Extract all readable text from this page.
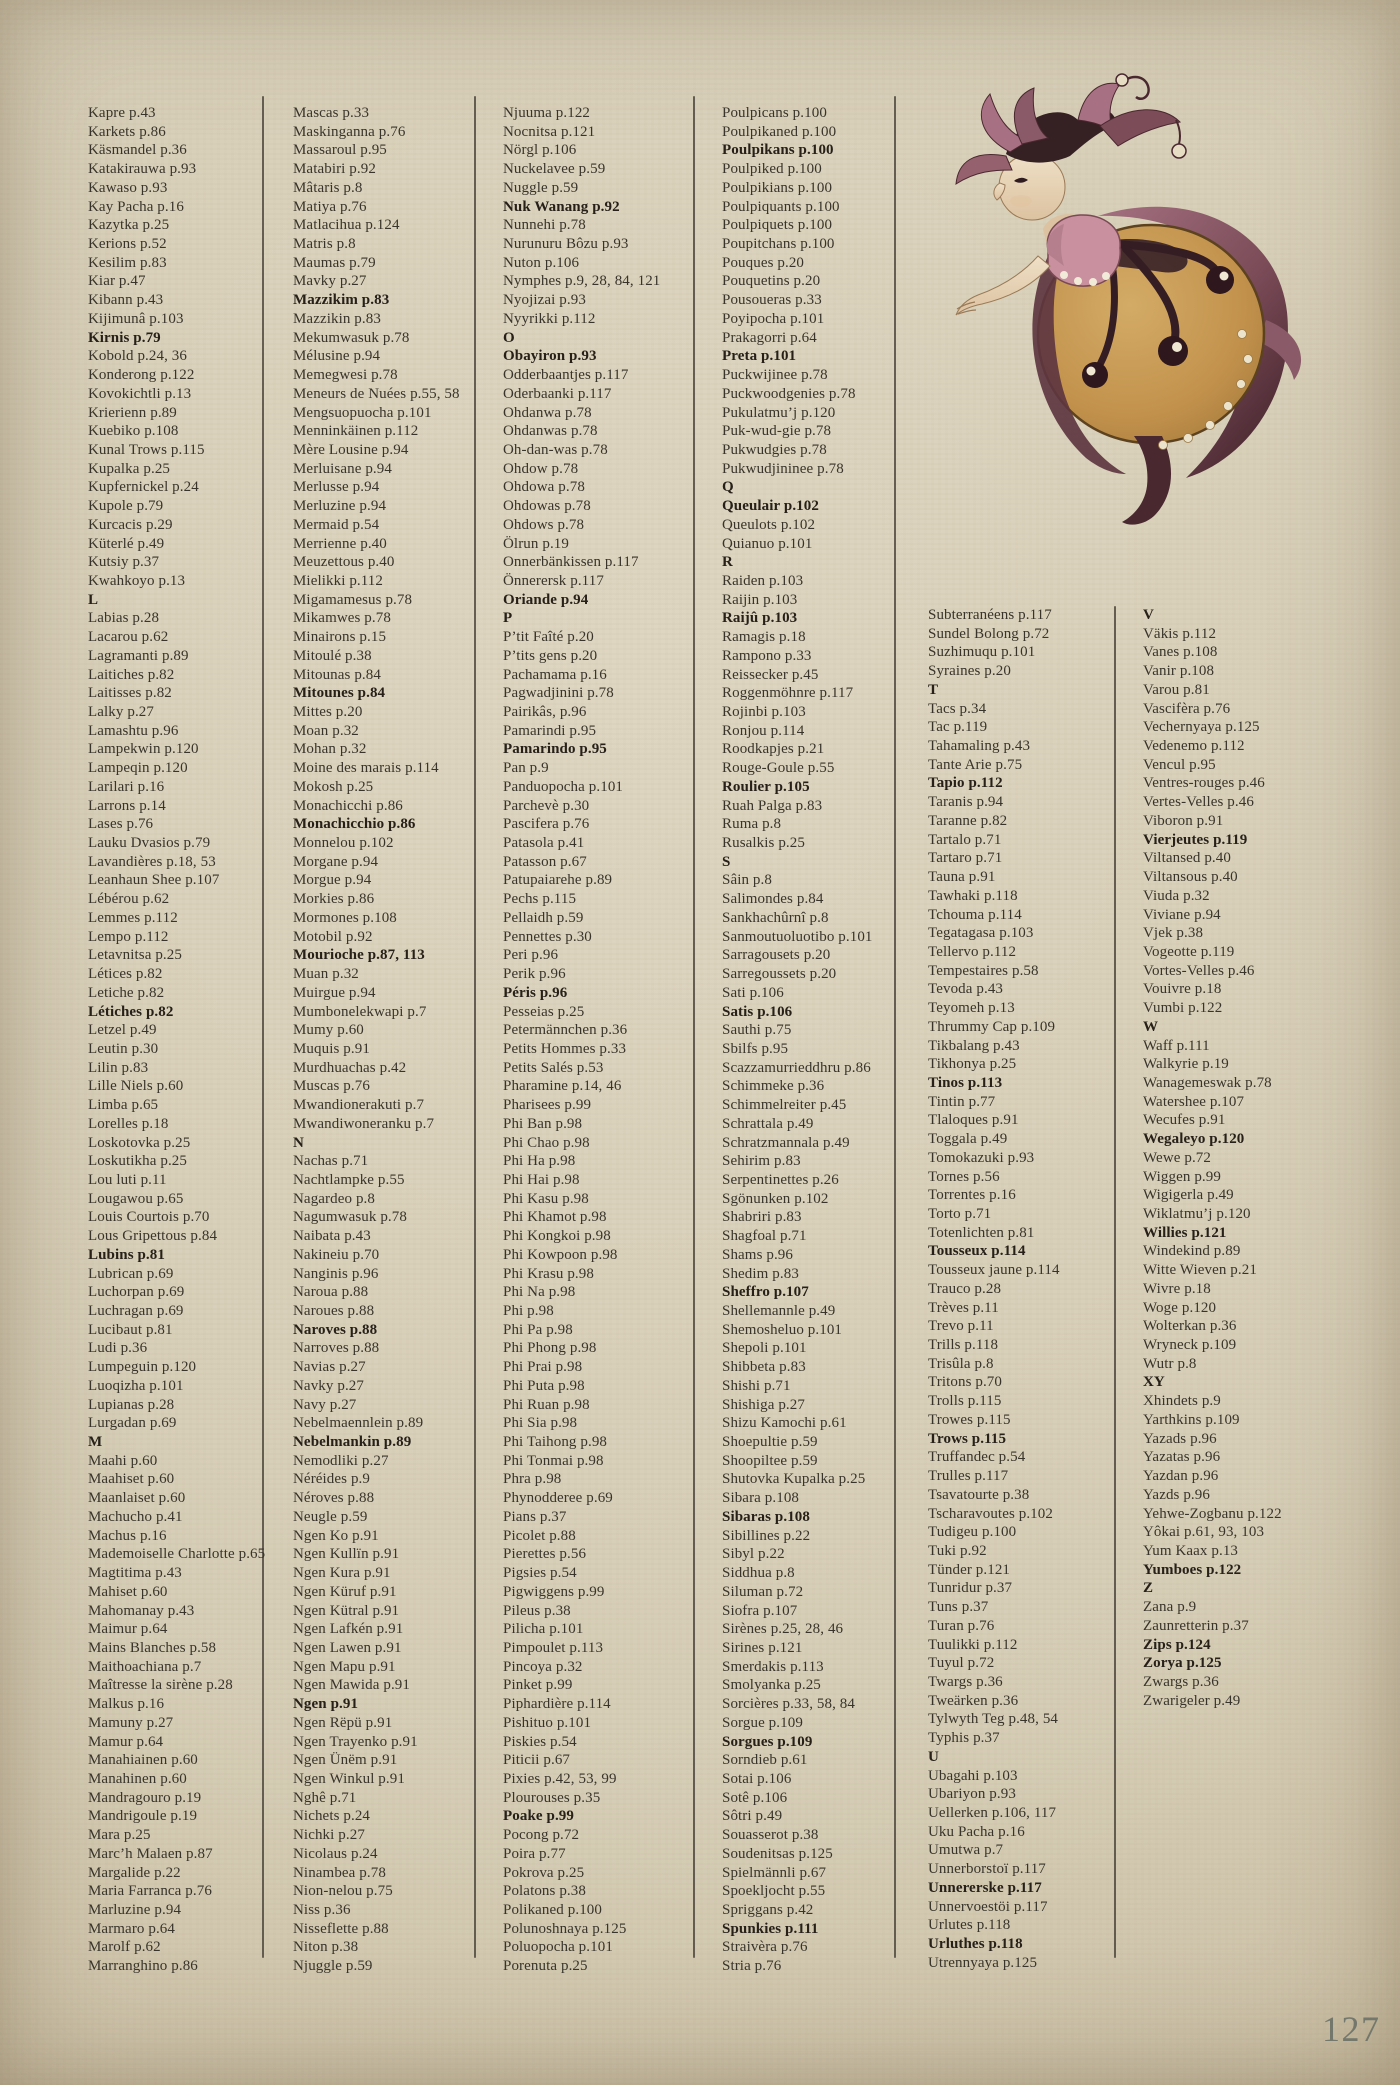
Kapre p.43
Karkets p.86
Käsmandel p.36
Katakirauwa p.93
Kawaso p.93
Kay Pacha p.16
Kazytka p.25
Kerions p.52
Kesilim p.83
Kiar p.47
Kibann p.43
Kijimunâ p.103
Kirnis p.79
Kobold p.24, 36
Konderong p.122
Kovokichtli p.13
Krierienn p.89
Kuebiko p.108
Kunal Trows p.115
Kupalka p.25
Kupfernickel p.24
Kupole p.79
Kurcacis p.29
Küterlé p.49
Kutsiy p.37
Kwahkoyo p.13
L
Labias p.28
Lacarou p.62
Lagramanti p.89
Laitiches p.82
Laitisses p.82
Lalky p.27
Lamashtu p.96
Lampekwin p.120
Lampeqin p.120
Larilari p.16
Larrons p.14
Lases p.76
Lauku Dvasios p.79
Lavandières p.18, 53
Leanhaun Shee p.107
Lébérou p.62
Lemmes p.112
Lempo p.112
Letavnitsa p.25
Létices p.82
Letiche p.82
Létiches p.82
Letzel p.49
Leutin p.30
Lilin p.83
Lille Niels p.60
Limba p.65
Lorelles p.18
Loskotovka p.25
Loskutikha p.25
Lou luti p.11
Lougawou p.65
Louis Courtois p.70
Lous Gripettous p.84
Lubins p.81
Lubrican p.69
Luchorpan p.69
Luchragan p.69
Lucibaut p.81
Ludi p.36
Lumpeguin p.120
Luoqizha p.101
Lupianas p.28
Lurgadan p.69
M
Maahi p.60
Maahiset p.60
Maanlaiset p.60
Machucho p.41
Machus p.16
Mademoiselle Charlotte p.65
Magtitima p.43
Mahiset p.60
Mahomanay p.43
Maimur p.64
Mains Blanches p.58
Maithoachiana p.7
Maîtresse la sirène p.28
Malkus p.16
Mamuny p.27
Mamur p.64
Manahiainen p.60
Manahinen p.60
Mandragouro p.19
Mandrigoule p.19
Mara p.25
Marc’h Malaen p.87
Margalide p.22
Maria Farranca p.76
Marluzine p.94
Marmaro p.64
Marolf p.62
Marranghino p.86
Mascas p.33
Maskinganna p.76
Massaroul p.95
Matabiri p.92
Mâtaris p.8
Matiya p.76
Matlacihua p.124
Matris p.8
Maumas p.79
Mavky p.27
Mazzikim p.83
Mazzikin p.83
Mekumwasuk p.78
Mélusine p.94
Memegwesi p.78
Meneurs de Nuées p.55, 58
Mengsuopuocha p.101
Menninkäinen p.112
Mère Lousine p.94
Merluisane p.94
Merlusse p.94
Merluzine p.94
Mermaid p.54
Merrienne p.40
Meuzettous p.40
Mielikki p.112
Migamamesus p.78
Mikamwes p.78
Minairons p.15
Mitoulé p.38
Mitounas p.84
Mitounes p.84
Mittes p.20
Moan p.32
Mohan p.32
Moine des marais p.114
Mokosh p.25
Monachicchi p.86
Monachicchio p.86
Monnelou p.102
Morgane p.94
Morgue p.94
Morkies p.86
Mormones p.108
Motobil p.92
Mourioche p.87, 113
Muan p.32
Muirgue p.94
Mumbonelekwapi p.7
Mumy p.60
Muquis p.91
Murdhuachas p.42
Muscas p.76
Mwandionerakuti p.7
Mwandiwoneranku p.7
N
Nachas p.71
Nachtlampke p.55
Nagardeo p.8
Nagumwasuk p.78
Naibata p.43
Nakineiu p.70
Nanginis p.96
Naroua p.88
Naroues p.88
Naroves p.88
Narroves p.88
Navias p.27
Navky p.27
Navy p.27
Nebelmaennlein p.89
Nebelmankin p.89
Nemodliki p.27
Néréides p.9
Néroves p.88
Neugle p.59
Ngen Ko p.91
Ngen Kullïn p.91
Ngen Kura p.91
Ngen Küruf p.91
Ngen Kütral p.91
Ngen Lafkén p.91
Ngen Lawen p.91
Ngen Mapu p.91
Ngen Mawida p.91
Ngen p.91
Ngen Rëpü p.91
Ngen Trayenko p.91
Ngen Ünëm p.91
Ngen Winkul p.91
Nghê p.71
Nichets p.24
Nichki p.27
Nicolaus p.24
Ninambea p.78
Nion-nelou p.75
Niss p.36
Nisseflette p.88
Niton p.38
Njuggle p.59
Njuuma p.122
Nocnitsa p.121
Nörgl p.106
Nuckelavee p.59
Nuggle p.59
Nuk Wanang p.92
Nunnehi p.78
Nurunuru Bôzu p.93
Nuton p.106
Nymphes p.9, 28, 84, 121
Nyojizai p.93
Nyyrikki p.112
O
Obayiron p.93
Odderbaantjes p.117
Oderbaanki p.117
Ohdanwa p.78
Ohdanwas p.78
Oh-dan-was p.78
Ohdow p.78
Ohdowa p.78
Ohdowas p.78
Ohdows p.78
Ölrun p.19
Onnerbänkissen p.117
Önnerersk p.117
Oriande p.94
P
P’tit Faîté p.20
P’tits gens p.20
Pachamama p.16
Pagwadjinini p.78
Pairikâs, p.96
Pamarindi p.95
Pamarindo p.95
Pan p.9
Panduopocha p.101
Parchevè p.30
Pascifera p.76
Patasola p.41
Patasson p.67
Patupaiarehe p.89
Pechs p.115
Pellaidh p.59
Pennettes p.30
Peri p.96
Perik p.96
Péris p.96
Pesseias p.25
Petermännchen p.36
Petits Hommes p.33
Petits Salés p.53
Pharamine p.14, 46
Pharisees p.99
Phi Ban p.98
Phi Chao p.98
Phi Ha p.98
Phi Hai p.98
Phi Kasu p.98
Phi Khamot p.98
Phi Kongkoi p.98
Phi Kowpoon p.98
Phi Krasu p.98
Phi Na p.98
Phi p.98
Phi Pa p.98
Phi Phong p.98
Phi Prai p.98
Phi Puta p.98
Phi Ruan p.98
Phi Sia p.98
Phi Taihong p.98
Phi Tonmai p.98
Phra p.98
Phynodderee p.69
Pians p.37
Picolet p.88
Pierettes p.56
Pigsies p.54
Pigwiggens p.99
Pileus p.38
Pilicha p.101
Pimpoulet p.113
Pincoya p.32
Pinket p.99
Piphardière p.114
Pishituo p.101
Piskies p.54
Piticii p.67
Pixies p.42, 53, 99
Plourouses p.35
Poake p.99
Pocong p.72
Poira p.77
Pokrova p.25
Polatons p.38
Polikaned p.100
Polunoshnaya p.125
Poluopocha p.101
Porenuta p.25
Poulpicans p.100
Poulpikaned p.100
Poulpikans p.100
Poulpiked p.100
Poulpikians p.100
Poulpiquants p.100
Poulpiquets p.100
Poupitchans p.100
Pouques p.20
Pouquetins p.20
Pousoueras p.33
Poyipocha p.101
Prakagorri p.64
Preta p.101
Puckwijinee p.78
Puckwoodgenies p.78
Pukulatmu’j p.120
Puk-wud-gie p.78
Pukwudgies p.78
Pukwudjininee p.78
Q
Queulair p.102
Queulots p.102
Quianuo p.101
R
Raiden p.103
Raijin p.103
Raijû p.103
Ramagis p.18
Rampono p.33
Reissecker p.45
Roggenmöhnre p.117
Rojinbi p.103
Ronjou p.114
Roodkapjes p.21
Rouge-Goule p.55
Roulier p.105
Ruah Palga p.83
Ruma p.8
Rusalkis p.25
S
Sâin p.8
Salimondes p.84
Sankhachûrnî p.8
Sanmoutuoluotibo p.101
Sarragousets p.20
Sarregoussets p.20
Sati p.106
Satis p.106
Sauthi p.75
Sbilfs p.95
Scazzamurrieddhru p.86
Schimmeke p.36
Schimmelreiter p.45
Schrattala p.49
Schratzmannala p.49
Sehirim p.83
Serpentinettes p.26
Sgönunken p.102
Shabriri p.83
Shagfoal p.71
Shams p.96
Shedim p.83
Sheffro p.107
Shellemannle p.49
Shemosheluo p.101
Shepoli p.101
Shibbeta p.83
Shishi p.71
Shishiga p.27
Shizu Kamochi p.61
Shoepultie p.59
Shoopiltee p.59
Shutovka Kupalka p.25
Sibara p.108
Sibaras p.108
Sibillines p.22
Sibyl p.22
Siddhua p.8
Siluman p.72
Siofra p.107
Sirènes p.25, 28, 46
Sirines p.121
Smerdakis p.113
Smolyanka p.25
Sorcières p.33, 58, 84
Sorgue p.109
Sorgues p.109
Sorndieb p.61
Sotai p.106
Sotê p.106
Sôtri p.49
Souasserot p.38
Soudenitsas p.125
Spielmännli p.67
Spoekljocht p.55
Spriggans p.42
Spunkies p.111
Straivèra p.76
Stria p.76
Subterranéens p.117
Sundel Bolong p.72
Suzhimuqu p.101
Syraines p.20
T
Tacs p.34
Tac p.119
Tahamaling p.43
Tante Arie p.75
Tapio p.112
Taranis p.94
Taranne p.82
Tartalo p.71
Tartaro p.71
Tauna p.91
Tawhaki p.118
Tchouma p.114
Tegatagasa p.103
Tellervo p.112
Tempestaires p.58
Tevoda p.43
Teyomeh p.13
Thrummy Cap p.109
Tikbalang p.43
Tikhonya p.25
Tinos p.113
Tintin p.77
Tlaloques p.91
Toggala p.49
Tomokazuki p.93
Tornes p.56
Torrentes p.16
Torto p.71
Totenlichten p.81
Tousseux p.114
Tousseux jaune p.114
Trauco p.28
Trèves p.11
Trevo p.11
Trills p.118
Trisûla p.8
Tritons p.70
Trolls p.115
Trowes p.115
Trows p.115
Truffandec p.54
Trulles p.117
Tsavatourte p.38
Tscharavoutes p.102
Tudigeu p.100
Tuki p.92
Tünder p.121
Tunridur p.37
Tuns p.37
Turan p.76
Tuulikki p.112
Tuyul p.72
Twargs p.36
Tweärken p.36
Tylwyth Teg p.48, 54
Typhis p.37
U
Ubagahi p.103
Ubariyon p.93
Uellerken p.106, 117
Uku Pacha p.16
Umutwa p.7
Unnerborstoï p.117
Unnererske p.117
Unnervoestöi p.117
Urlutes p.118
Urluthes p.118
Utrennyaya p.125
V
Väkis p.112
Vanes p.108
Vanir p.108
Varou p.81
Vascifèra p.76
Vechernyaya p.125
Vedenemo p.112
Vencul p.95
Ventres-rouges p.46
Vertes-Velles p.46
Viboron p.91
Vierjeutes p.119
Viltansed p.40
Viltansous p.40
Viuda p.32
Viviane p.94
Vjek p.38
Vogeotte p.119
Vortes-Velles p.46
Vouivre p.18
Vumbi p.122
W
Waff p.111
Walkyrie p.19
Wanagemeswak p.78
Watershee p.107
Wecufes p.91
Wegaleyo p.120
Wewe p.72
Wiggen p.99
Wigigerla p.49
Wiklatmu’j p.120
Willies p.121
Windekind p.89
Witte Wieven p.21
Wivre p.18
Woge p.120
Wolterkan p.36
Wryneck p.109
Wutr p.8
XY
Xhindets p.9
Yarthkins p.109
Yazads p.96
Yazatas p.96
Yazdan p.96
Yazds p.96
Yehwe-Zogbanu p.122
Yôkai p.61, 93, 103
Yum Kaax p.13
Yumboes p.122
Z
Zana p.9
Zaunretterin p.37
Zips p.124
Zorya p.125
Zwargs p.36
Zwarigeler p.49
127
